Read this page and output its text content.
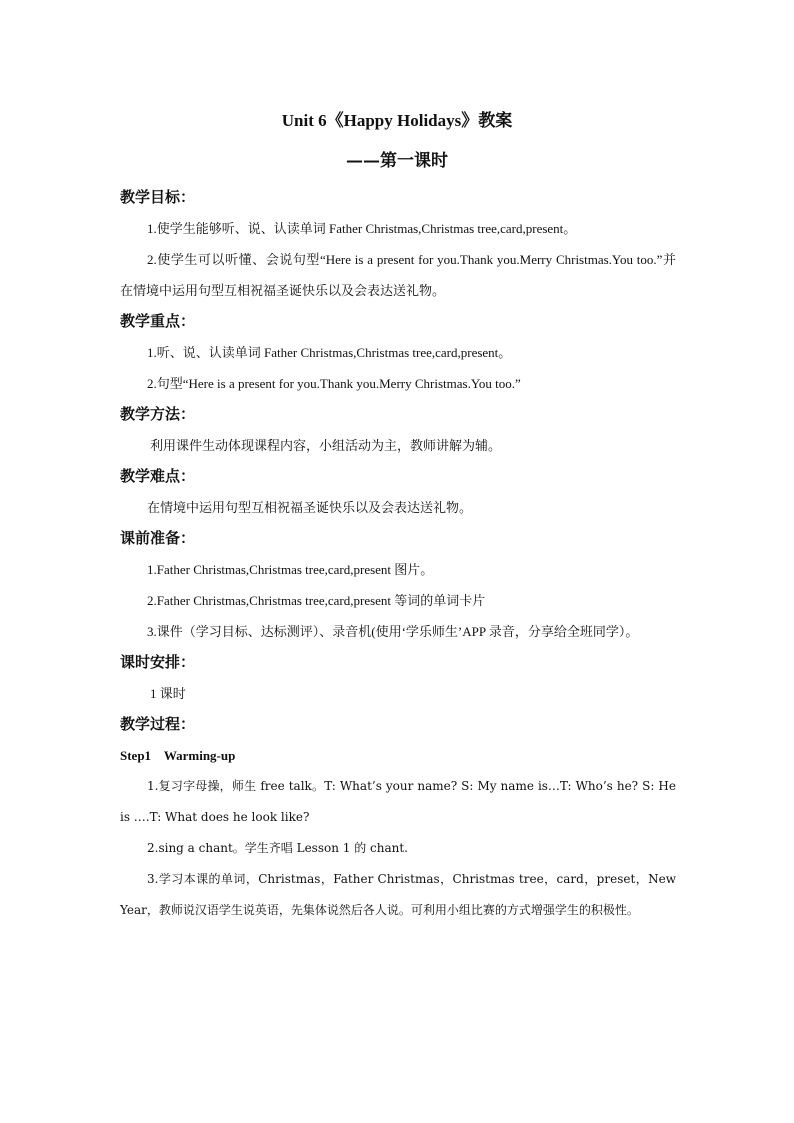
Unit 6《Happy Holidays》教案
——第一课时
教学目标：
1.使学生能够听、说、认读单词 Father Christmas,Christmas tree,card,present。
2.使学生可以听懂、会说句型“Here is a present for you.Thank you.Merry Christmas.You too.”并在情境中运用句型互相祝福圣诞快乐以及会表达送礼物。
教学重点：
1.听、说、认读单词 Father Christmas,Christmas tree,card,present。
2.句型“Here is a present for you.Thank you.Merry Christmas.You too.”
教学方法：
利用课件生动体现课程内容，小组活动为主，教师讲解为辅。
教学难点：
在情境中运用句型互相祝福圣诞快乐以及会表达送礼物。
课前准备：
1.Father Christmas,Christmas tree,card,present 图片。
2.Father Christmas,Christmas tree,card,present 等词的单词卡片
3.课件（学习目标、达标测评）、录音机(使用‘学乐师生’APP 录音，分享给全班同学）。
课时安排：
1 课时
教学过程：
Step1    Warming-up
1.复习字母操，师生 free talk。T: What’s your name? S: My name is…T: Who’s he? S: He is ….T: What does he look like?
2.sing a chant。学生齐唱 Lesson 1 的 chant.
3.学习本课的单词，Christmas，Father Christmas，Christmas tree，card，preset，New Year，教师说汉语学生说英语，先集体说然后各人说。可利用小组比赛的方式增强学生的积极性。
